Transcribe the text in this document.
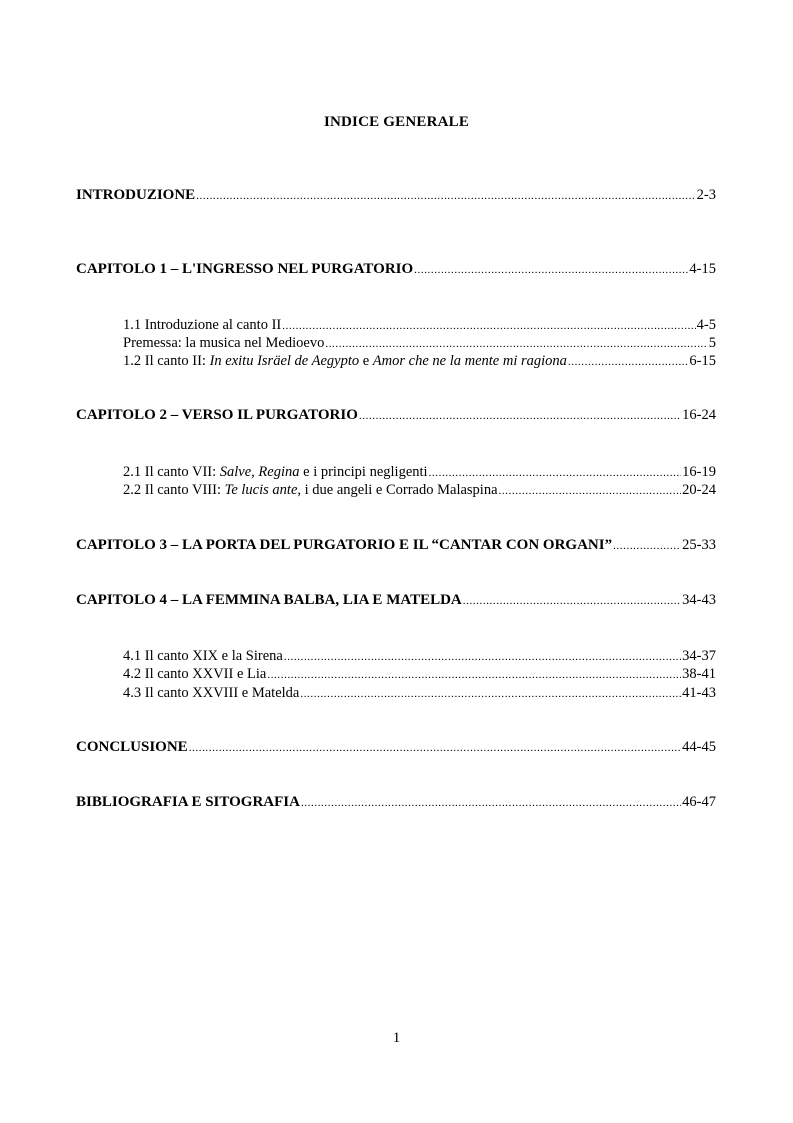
INDICE GENERALE
INTRODUZIONE .....	2-3
CAPITOLO 1 – L'INGRESSO NEL PURGATORIO .....	4-15
1.1 Introduzione al canto II .....	4-5
Premessa: la musica nel Medioevo .....	5
1.2 Il canto II: In exitu Isräel de Aegypto e Amor che ne la mente mi ragiona .....	6-15
CAPITOLO 2 – VERSO IL PURGATORIO .....	16-24
2.1 Il canto VII: Salve, Regina e i principi negligenti .....	16-19
2.2 Il canto VIII: Te lucis ante, i due angeli e Corrado Malaspina .....	20-24
CAPITOLO 3 – LA PORTA DEL PURGATORIO E IL “CANTAR CON ORGANI” .....	25-33
CAPITOLO 4 – LA FEMMINA BALBA, LIA E MATELDA .....	34-43
4.1 Il canto XIX e la Sirena .....	34-37
4.2 Il canto XXVII e Lia .....	38-41
4.3 Il canto XXVIII e Matelda .....	41-43
CONCLUSIONE .....	44-45
BIBLIOGRAFIA E SITOGRAFIA .....	46-47
1
